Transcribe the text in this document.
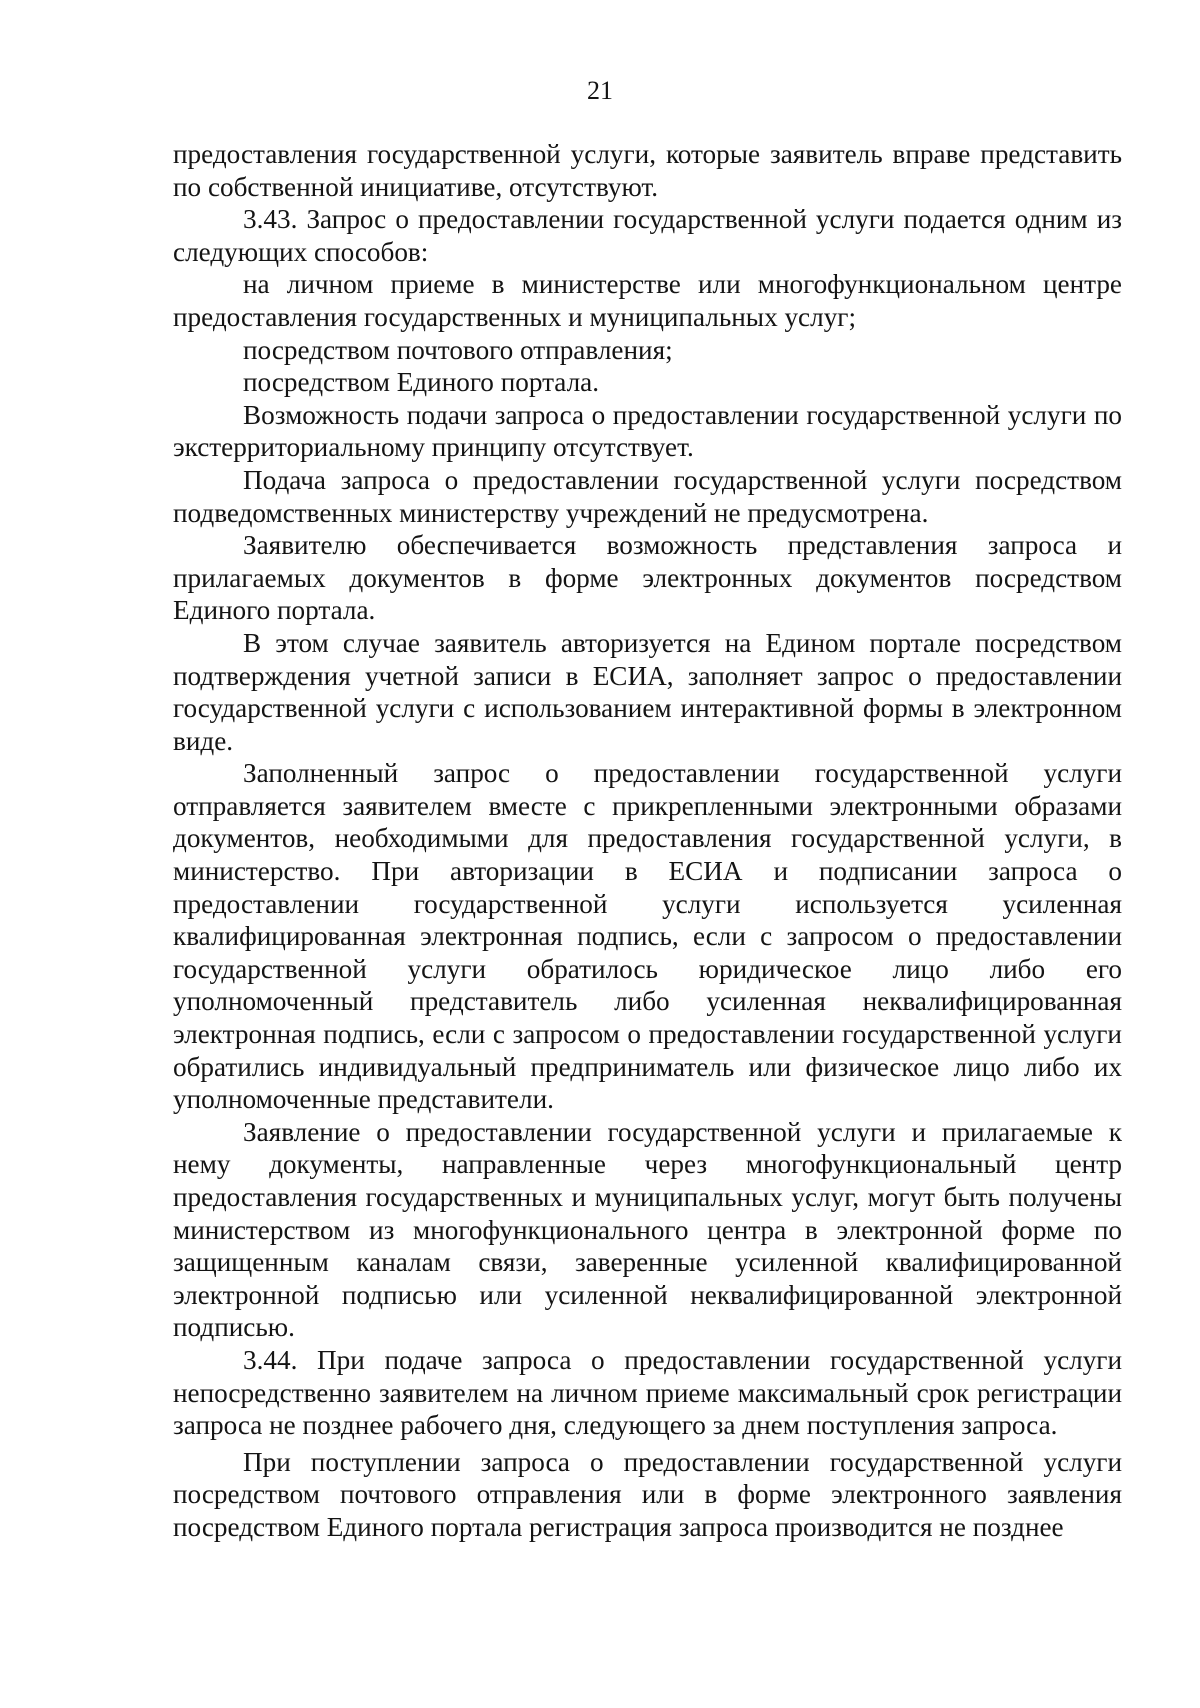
21

предоставления государственной услуги, которые заявитель вправе представить по собственной инициативе, отсутствуют.

3.43. Запрос о предоставлении государственной услуги подается одним из следующих способов:

на личном приеме в министерстве или многофункциональном центре предоставления государственных и муниципальных услуг;

посредством почтового отправления;

посредством Единого портала.

Возможность подачи запроса о предоставлении государственной услуги по экстерриториальному принципу отсутствует.

Подача запроса о предоставлении государственной услуги посредством подведомственных министерству учреждений не предусмотрена.

Заявителю обеспечивается возможность представления запроса и прилагаемых документов в форме электронных документов посредством Единого портала.

В этом случае заявитель авторизуется на Едином портале посредством подтверждения учетной записи в ЕСИА, заполняет запрос о предоставлении государственной услуги с использованием интерактивной формы в электронном виде.

Заполненный запрос о предоставлении государственной услуги отправляется заявителем вместе с прикрепленными электронными образами документов, необходимыми для предоставления государственной услуги, в министерство. При авторизации в ЕСИА и подписании запроса о предоставлении государственной услуги используется усиленная квалифицированная электронная подпись, если с запросом о предоставлении государственной услуги обратилось юридическое лицо либо его уполномоченный представитель либо усиленная неквалифицированная электронная подпись, если с запросом о предоставлении государственной услуги обратились индивидуальный предприниматель или физическое лицо либо их уполномоченные представители.

Заявление о предоставлении государственной услуги и прилагаемые к нему документы, направленные через многофункциональный центр предоставления государственных и муниципальных услуг, могут быть получены министерством из многофункционального центра в электронной форме по защищенным каналам связи, заверенные усиленной квалифицированной электронной подписью или усиленной неквалифицированной электронной подписью.

3.44. При подаче запроса о предоставлении государственной услуги непосредственно заявителем на личном приеме максимальный срок регистрации запроса не позднее рабочего дня, следующего за днем поступления запроса.

При поступлении запроса о предоставлении государственной услуги посредством почтового отправления или в форме электронного заявления посредством Единого портала регистрация запроса производится не позднее
